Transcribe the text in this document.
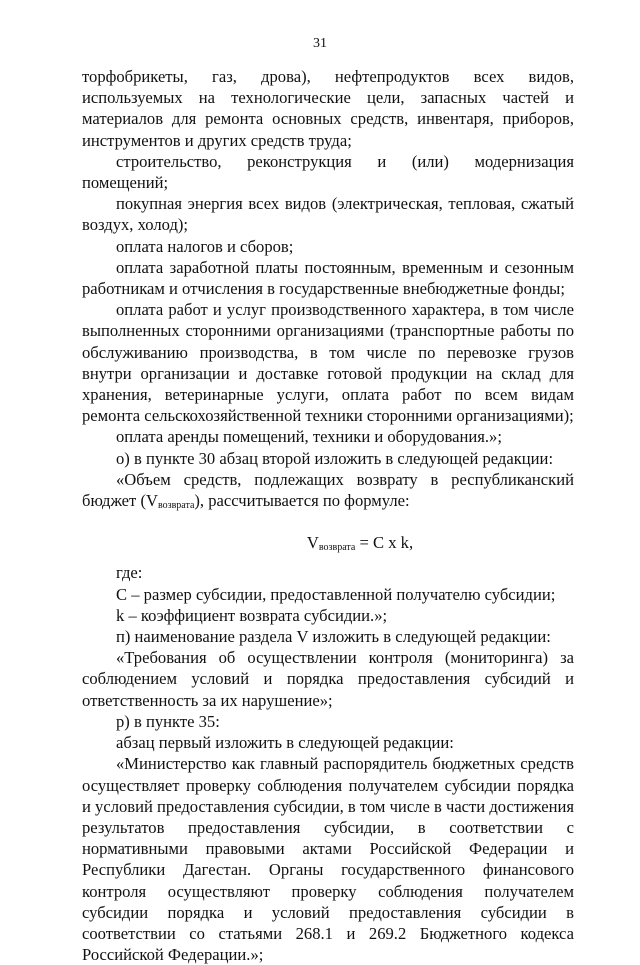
31

торфобрикеты, газ, дрова), нефтепродуктов всех видов, используемых на технологические цели, запасных частей и материалов для ремонта основных средств, инвентаря, приборов, инструментов и других средств труда;

строительство, реконструкция и (или) модернизация помещений;

покупная энергия всех видов (электрическая, тепловая, сжатый воздух, холод);

оплата налогов и сборов;

оплата заработной платы постоянным, временным и сезонным работникам и отчисления в государственные внебюджетные фонды;

оплата работ и услуг производственного характера, в том числе выполненных сторонними организациями (транспортные работы по обслуживанию производства, в том числе по перевозке грузов внутри организации и доставке готовой продукции на склад для хранения, ветеринарные услуги, оплата работ по всем видам ремонта сельскохозяйственной техники сторонними организациями);

оплата аренды помещений, техники и оборудования.»;

о) в пункте 30 абзац второй изложить в следующей редакции:

«Объем средств, подлежащих возврату в республиканский бюджет $(V_{возврата})$, рассчитывается по формуле:

$V_{возврата} = C$ x k,

где:

C – размер субсидии, предоставленной получателю субсидии;

k – коэффициент возврата субсидии.»;

п) наименование раздела V изложить в следующей редакции:

«Требования об осуществлении контроля (мониторинга) за соблюдением условий и порядка предоставления субсидий и ответственность за их нарушение»;

р) в пункте 35:

абзац первый изложить в следующей редакции:

«Министерство как главный распорядитель бюджетных средств осуществляет проверку соблюдения получателем субсидии порядка и условий предоставления субсидии, в том числе в части достижения результатов предоставления субсидии, в соответствии с нормативными правовыми актами Российской Федерации и Республики Дагестан. Органы государственного финансового контроля осуществляют проверку соблюдения получателем субсидии порядка и условий предоставления субсидии в соответствии со статьями 268.1 и 269.2 Бюджетного кодекса Российской Федерации.»;
